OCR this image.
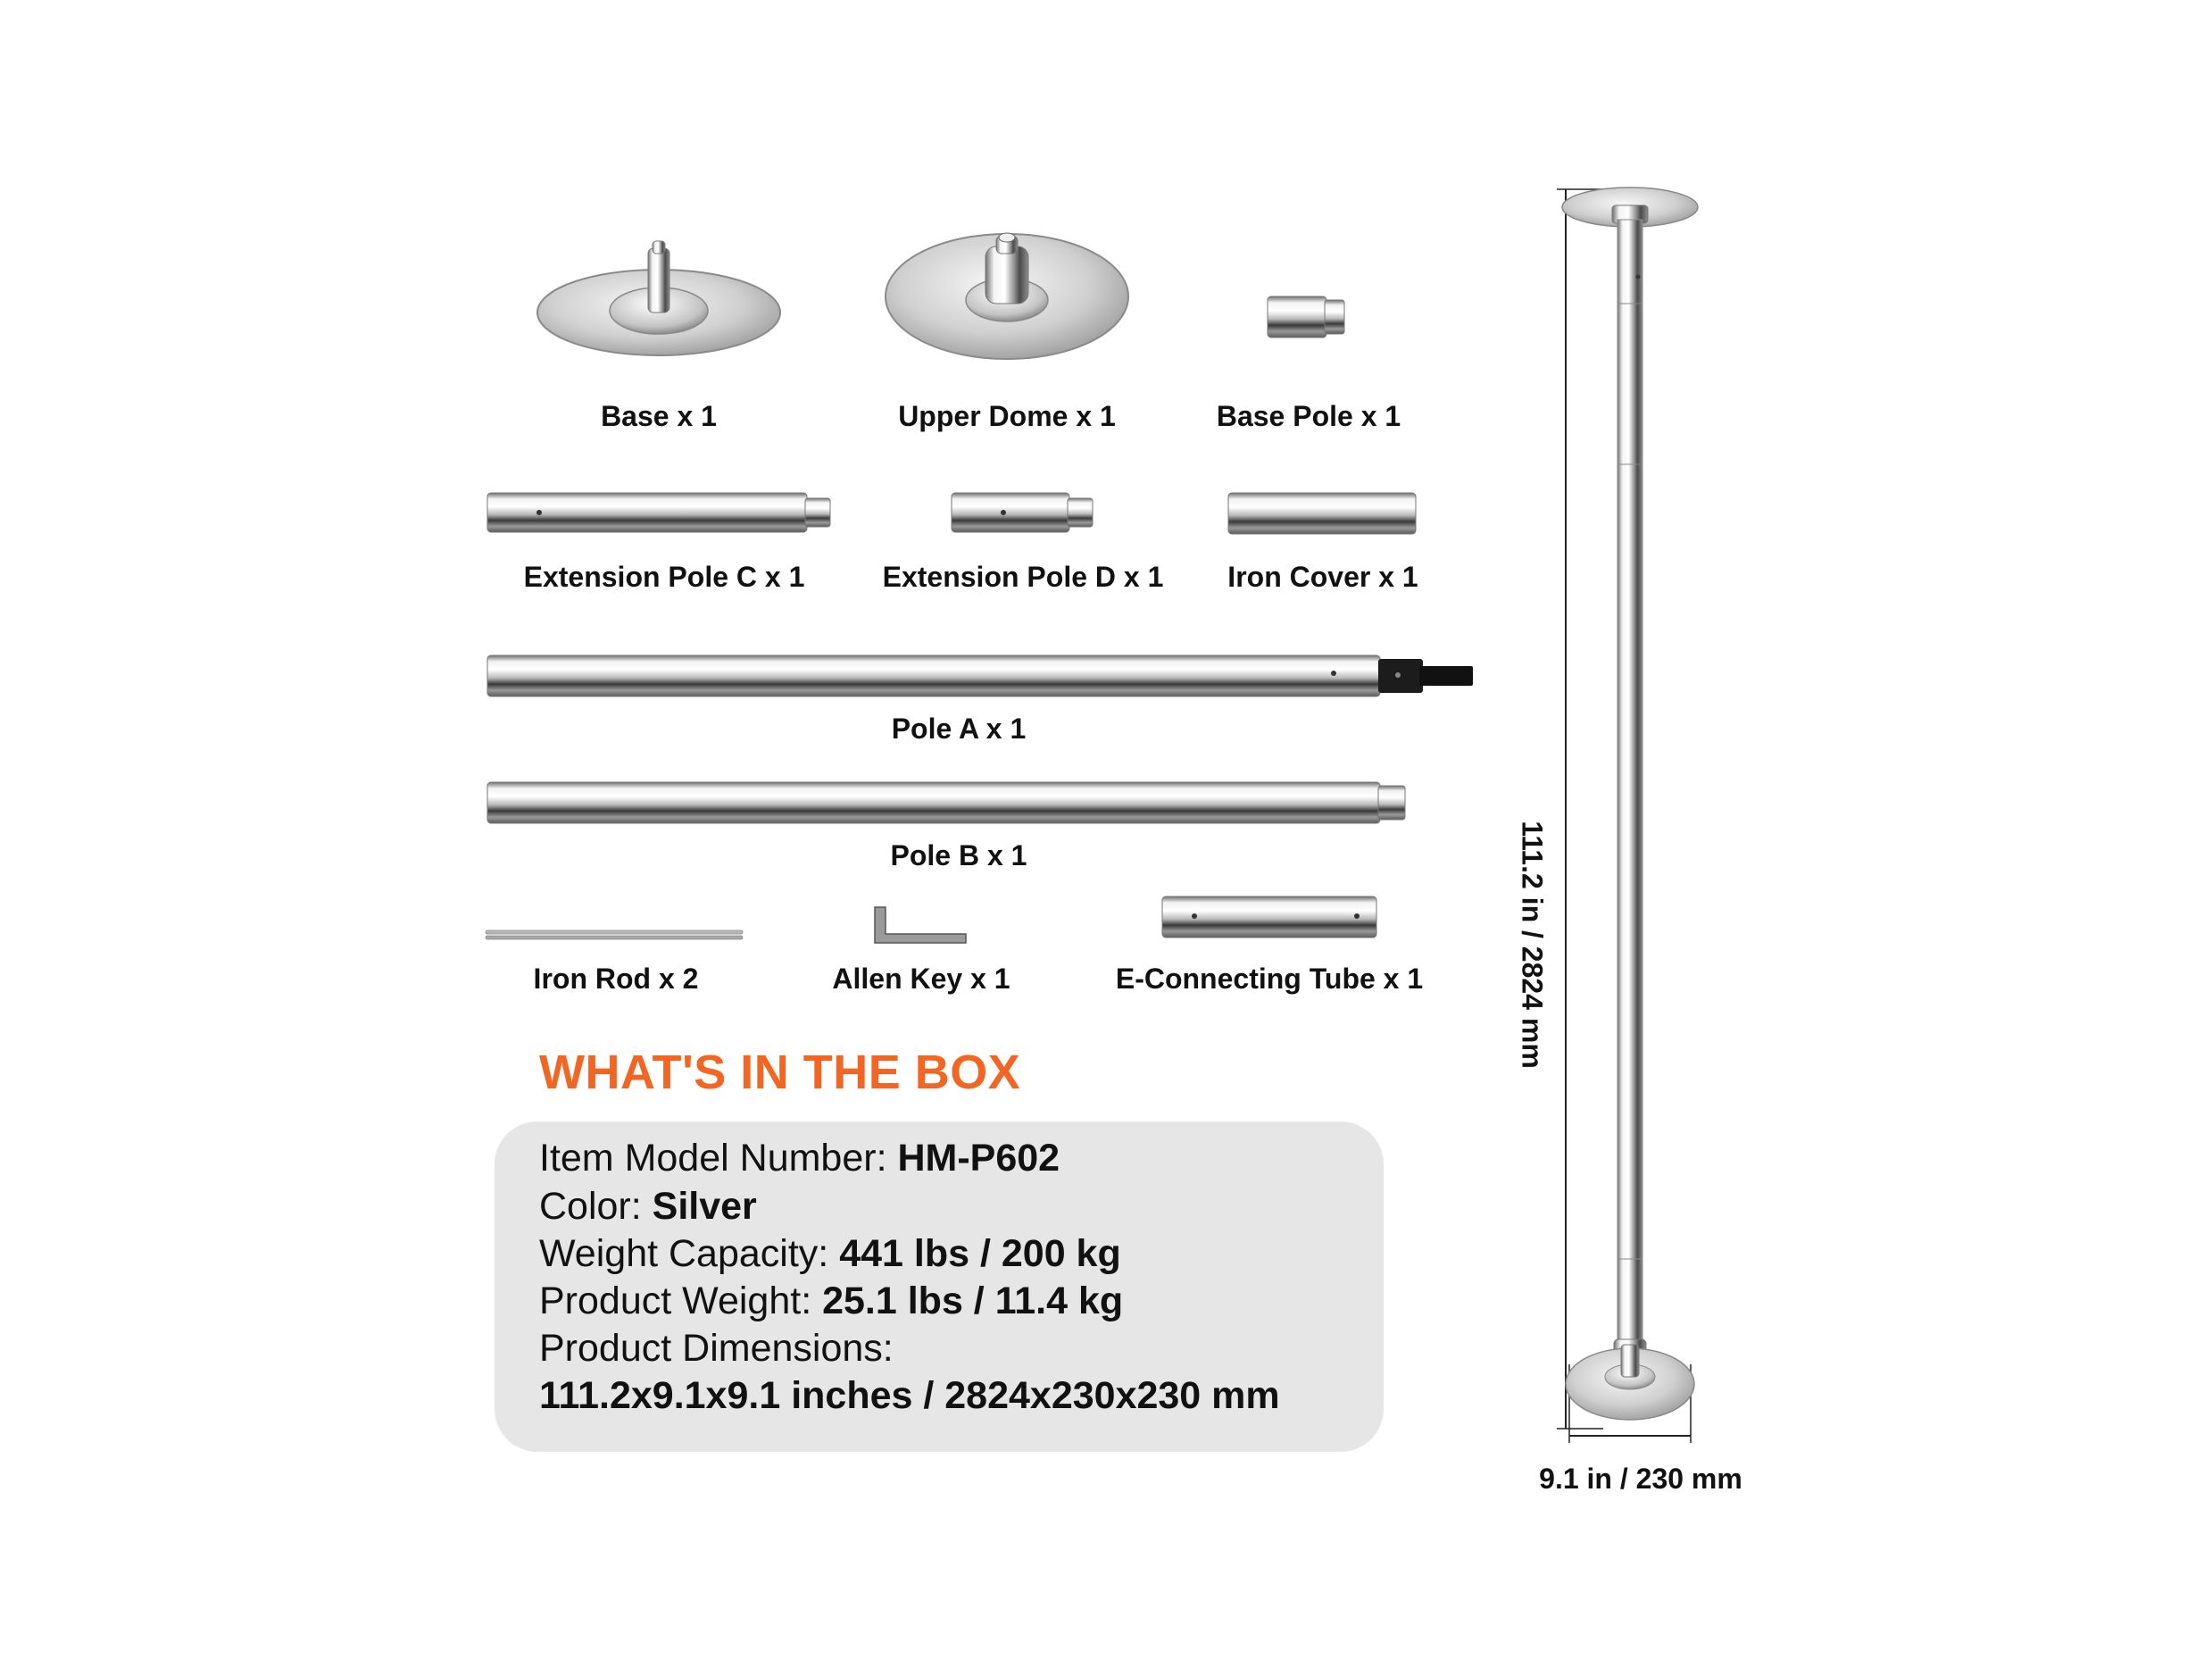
Base x 1	Upper Dome x 1	Base Pole x 1
Extension Pole C x 1	Extension Pole D x 1 Iron Cover x 1
Pole A x 1
Pole B x 1
Iron Rod x 2	Allen Key x 1	E-Connecting Tube x 1
WHAT'S IN THE BOX
Item Model Number: HM-P602
Color: Silver
Weight Capacity: 441 lbs / 200 kg
Product Weight: 25.1 lbs / 11.4 kg
Product Dimensions:
111.2x9.1x9.1 inches / 2824x230x230 mm
111.2 in / 2824 mm
9.1 in / 230 mm
